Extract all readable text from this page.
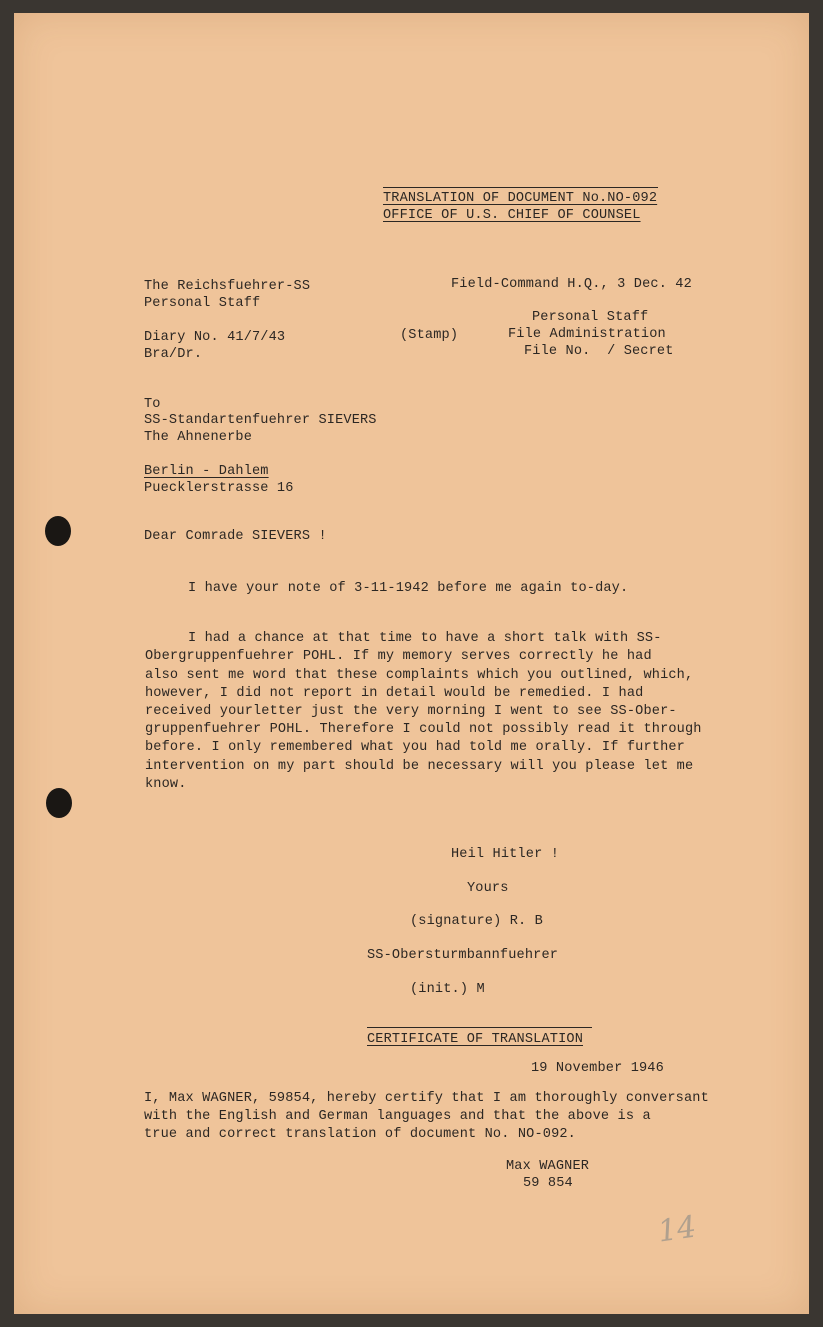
TRANSLATION OF DOCUMENT No.NO-092
OFFICE OF U.S. CHIEF OF COUNSEL
The Reichsfuehrer-SS
Personal Staff
Diary No. 41/7/43
Bra/Dr.
Field-Command H.Q., 3 Dec. 42
(Stamp)
Personal Staff
File Administration
File No.  / Secret
To
SS-Standartenfuehrer SIEVERS
The Ahnenerbe
Berlin - Dahlem
Puecklerstrasse 16
Dear Comrade SIEVERS !
I have your note of 3-11-1942 before me again to-day.

I had a chance at that time to have a short talk with SS-
Obergruppenfuehrer POHL. If my memory serves correctly he had
also sent me word that these complaints which you outlined, which,
however, I did not report in detail would be remedied. I had
received yourletter just the very morning I went to see SS-Ober-
gruppenfuehrer POHL. Therefore I could not possibly read it through
before. I only remembered what you had told me orally. If further
intervention on my part should be necessary will you please let me
know.

Heil Hitler !
Yours
(signature) R. B
SS-Obersturmbannfuehrer
(init.) M
CERTIFICATE OF TRANSLATION
19 November 1946
I, Max WAGNER, 59854, hereby certify that I am thoroughly conversant
with the English and German languages and that the above is a
true and correct translation of document No. NO-092.
Max WAGNER
59 854
14
